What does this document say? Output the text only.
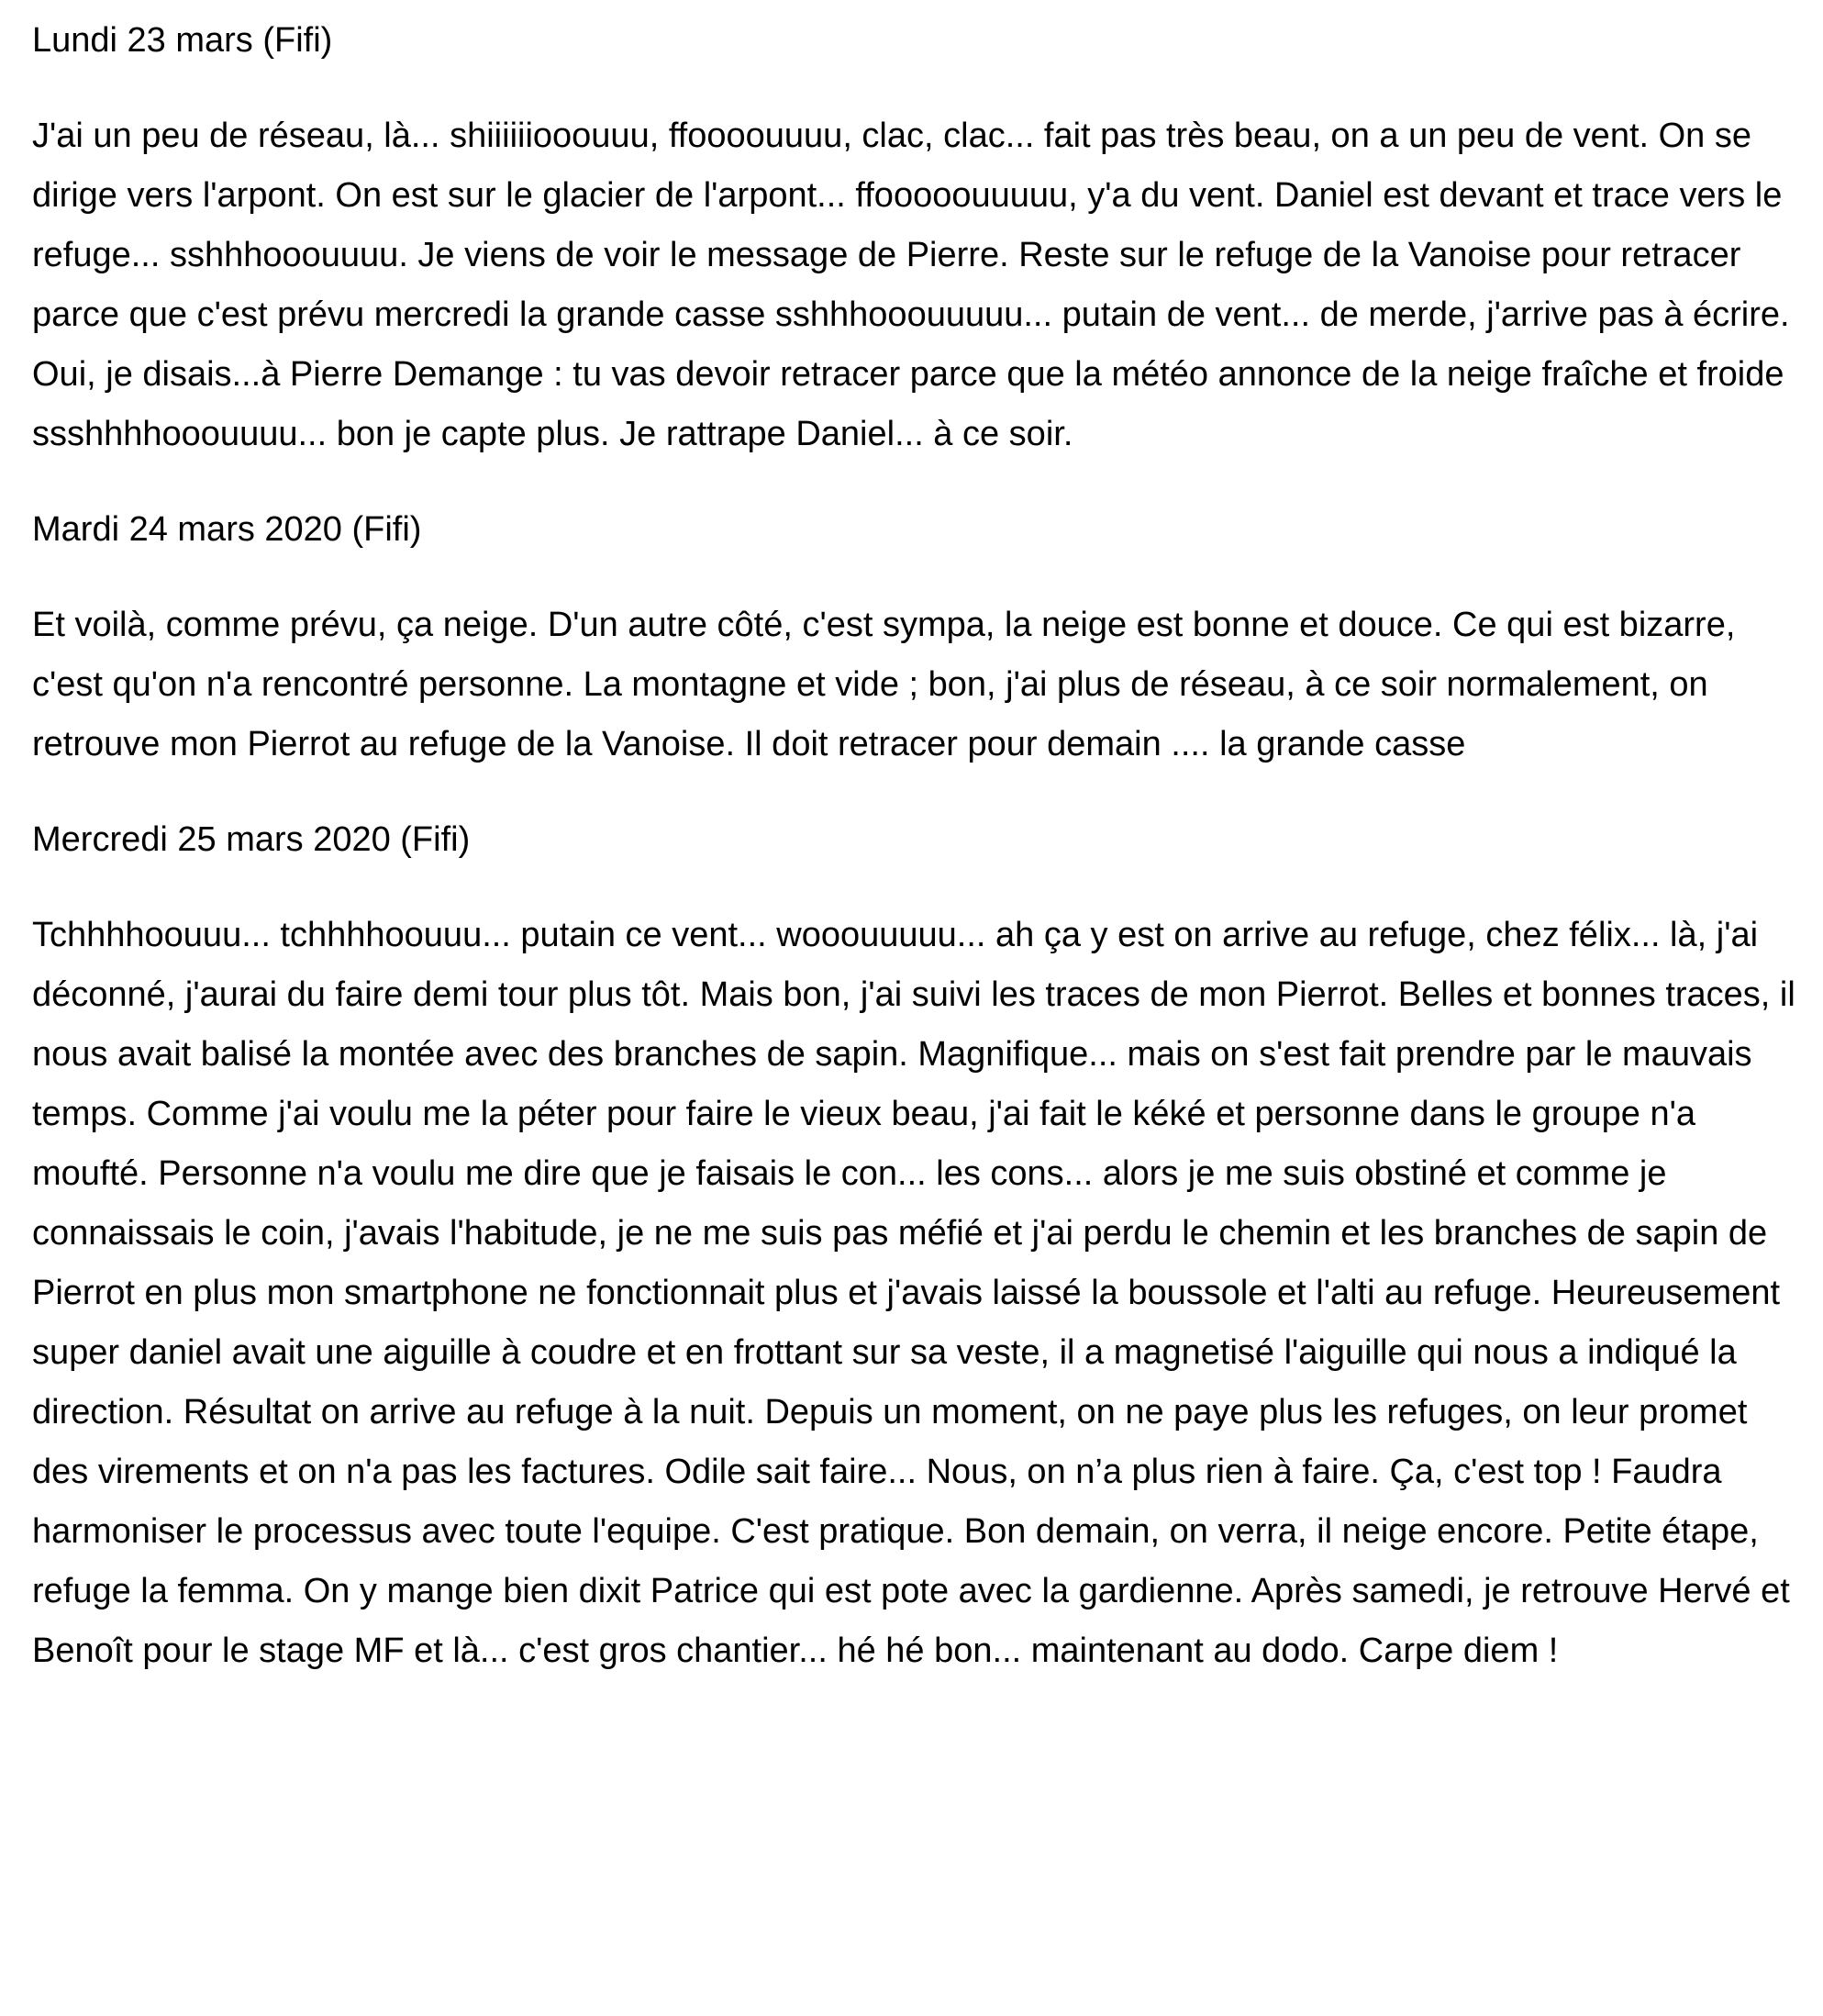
Lundi 23 mars (Fifi)

J'ai un peu de réseau, là... shiiiiiiooouuu, ffoooouuuu, clac, clac... fait pas très beau, on a un peu de vent. On se dirige vers l'arpont. On est sur le glacier de l'arpont... ffooooouuuuu, y'a du vent. Daniel est devant et trace vers le refuge... sshhhooouuuu. Je viens de voir le message de Pierre. Reste sur le refuge de la Vanoise pour retracer parce que c'est prévu mercredi la grande casse sshhhooouuuuu... putain de vent... de merde, j'arrive pas à écrire. Oui, je disais...à Pierre Demange : tu vas devoir retracer parce que la météo annonce de la neige fraîche et froide ssshhhhooouuuu... bon je capte plus. Je rattrape Daniel... à ce soir.

Mardi 24 mars 2020 (Fifi)

Et voilà, comme prévu, ça neige. D'un autre côté, c'est sympa, la neige est bonne et douce. Ce qui est bizarre, c'est qu'on n'a rencontré personne. La montagne et vide ; bon, j'ai plus de réseau, à ce soir normalement, on retrouve mon Pierrot au refuge de la Vanoise. Il doit retracer pour demain .... la grande casse

Mercredi 25 mars 2020 (Fifi)

Tchhhhoouuu... tchhhhoouuu... putain ce vent... wooouuuuu... ah ça y est on arrive au refuge, chez félix... là, j'ai déconné, j'aurai du faire demi tour plus tôt. Mais bon, j'ai suivi les traces de mon Pierrot. Belles et bonnes traces, il nous avait balisé la montée avec des branches de sapin. Magnifique... mais on s'est fait prendre par le mauvais temps. Comme j'ai voulu me la péter pour faire le vieux beau, j'ai fait le kéké et personne dans le groupe n'a moufté. Personne n'a voulu me dire que je faisais le con... les cons... alors je me suis obstiné et comme je connaissais le coin, j'avais l'habitude, je ne me suis pas méfié et j'ai perdu le chemin et les branches de sapin de Pierrot en plus mon smartphone ne fonctionnait plus et j'avais laissé la boussole et l'alti au refuge. Heureusement super daniel avait une aiguille à coudre et en frottant sur sa veste, il a magnetisé l'aiguille qui nous a indiqué la direction. Résultat on arrive au refuge à la nuit. Depuis un moment, on ne paye plus les refuges, on leur promet des virements et on n'a pas les factures. Odile sait faire... Nous, on n’a plus rien à faire. Ça, c'est top ! Faudra harmoniser le processus avec toute l'equipe. C'est pratique. Bon demain, on verra, il neige encore. Petite étape, refuge la femma. On y mange bien dixit Patrice qui est pote avec la gardienne. Après samedi, je retrouve Hervé et Benoît pour le stage MF et là... c'est gros chantier... hé hé bon... maintenant au dodo. Carpe diem !
